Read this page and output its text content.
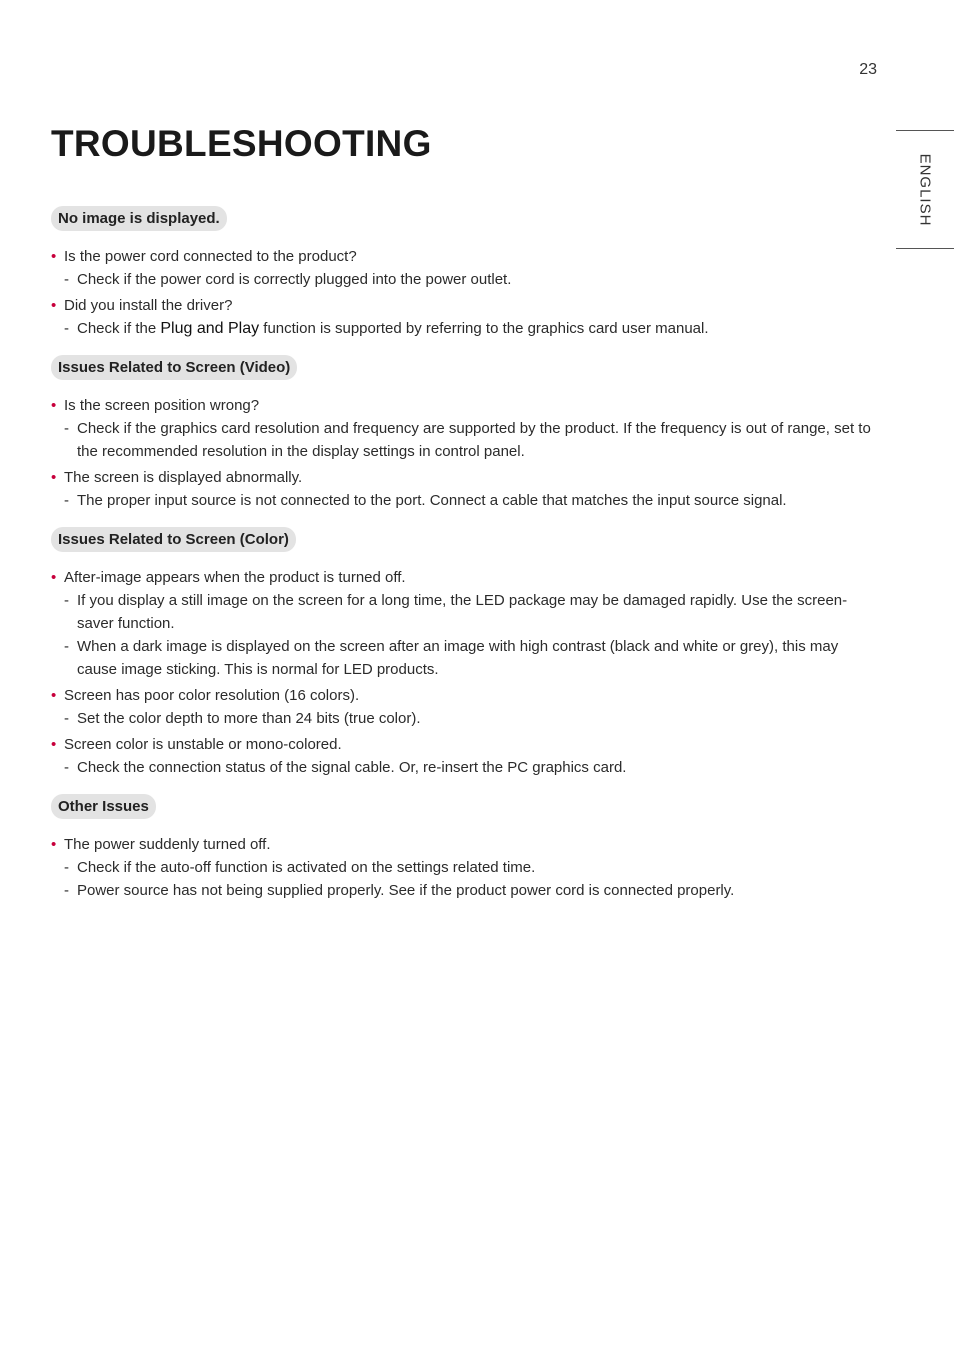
23
ENGLISH
TROUBLESHOOTING
No image is displayed.
• Is the power cord connected to the product?
- Check if the power cord is correctly plugged into the power outlet.
• Did you install the driver?
- Check if the Plug and Play function is supported by referring to the graphics card user manual.
Issues Related to Screen (Video)
• Is the screen position wrong?
- Check if the graphics card resolution and frequency are supported by the product. If the frequency is out of range, set to the recommended resolution in the display settings in control panel.
• The screen is displayed abnormally.
- The proper input source is not connected to the port. Connect a cable that matches the input source signal.
Issues Related to Screen (Color)
• After-image appears when the product is turned off.
- If you display a still image on the screen for a long time, the LED package may be damaged rapidly. Use the screen-saver function.
- When a dark image is displayed on the screen after an image with high contrast (black and white or grey), this may cause image sticking. This is normal for LED products.
• Screen has poor color resolution (16 colors).
- Set the color depth to more than 24 bits (true color).
• Screen color is unstable or mono-colored.
- Check the connection status of the signal cable. Or, re-insert the PC graphics card.
Other Issues
• The power suddenly turned off.
- Check if the auto-off function is activated on the settings related time.
- Power source has not being supplied properly. See if the product power cord is connected properly.
